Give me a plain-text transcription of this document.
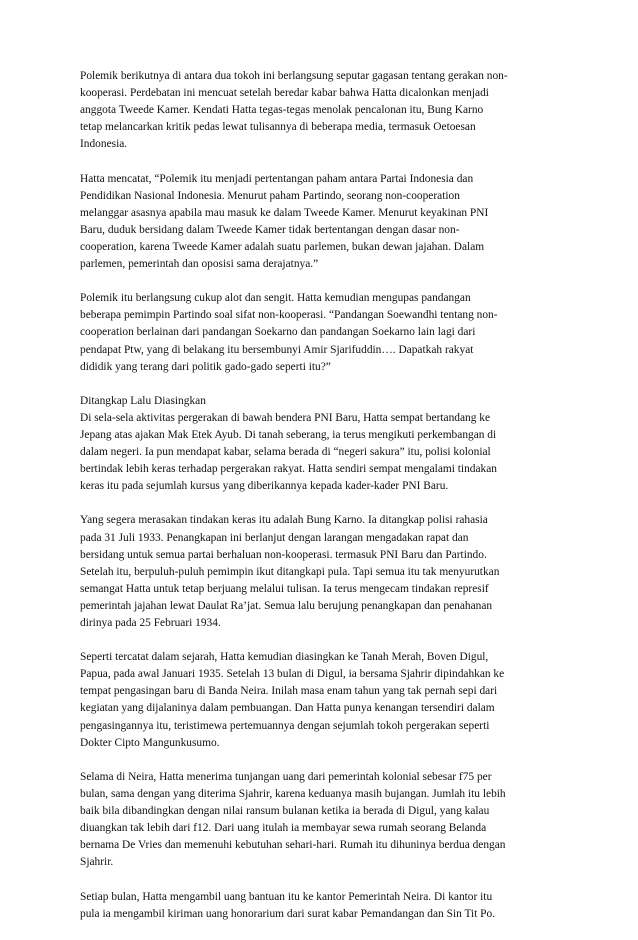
Polemik berikutnya di antara dua tokoh ini berlangsung seputar gagasan tentang gerakan non-
kooperasi. Perdebatan ini mencuat setelah beredar kabar bahwa Hatta dicalonkan menjadi
anggota Tweede Kamer. Kendati Hatta tegas-tegas menolak pencalonan itu, Bung Karno
tetap melancarkan kritik pedas lewat tulisannya di beberapa media, termasuk Oetoesan
Indonesia.
Hatta mencatat, “Polemik itu menjadi pertentangan paham antara Partai Indonesia dan
Pendidikan Nasional Indonesia. Menurut paham Partindo, seorang non-cooperation
melanggar asasnya apabila mau masuk ke dalam Tweede Kamer. Menurut keyakinan PNI
Baru, duduk bersidang dalam Tweede Kamer tidak bertentangan dengan dasar non-
cooperation, karena Tweede Kamer adalah suatu parlemen, bukan dewan jajahan. Dalam
parlemen, pemerintah dan oposisi sama derajatnya.”
Polemik itu berlangsung cukup alot dan sengit. Hatta kemudian mengupas pandangan
beberapa pemimpin Partindo soal sifat non-kooperasi. “Pandangan Soewandhi tentang non-
cooperation berlainan dari pandangan Soekarno dan pandangan Soekarno lain lagi dari
pendapat Ptw, yang di belakang itu bersembunyi Amir Sjarifuddin…. Dapatkah rakyat
dididik yang terang dari politik gado-gado seperti itu?”
Ditangkap Lalu Diasingkan
Di sela-sela aktivitas pergerakan di bawah bendera PNI Baru, Hatta sempat bertandang ke
Jepang atas ajakan Mak Etek Ayub. Di tanah seberang, ia terus mengikuti perkembangan di
dalam negeri. Ia pun mendapat kabar, selama berada di “negeri sakura” itu, polisi kolonial
bertindak lebih keras terhadap pergerakan rakyat. Hatta sendiri sempat mengalami tindakan
keras itu pada sejumlah kursus yang diberikannya kepada kader-kader PNI Baru.
Yang segera merasakan tindakan keras itu adalah Bung Karno. Ia ditangkap polisi rahasia
pada 31 Juli 1933. Penangkapan ini berlanjut dengan larangan mengadakan rapat dan
bersidang untuk semua partai berhaluan non-kooperasi. termasuk PNI Baru dan Partindo.
Setelah itu, berpuluh-puluh pemimpin ikut ditangkapi pula. Tapi semua itu tak menyurutkan
semangat Hatta untuk tetap berjuang melalui tulisan. Ia terus mengecam tindakan represif
pemerintah jajahan lewat Daulat Ra’jat. Semua lalu berujung penangkapan dan penahanan
dirinya pada 25 Februari 1934.
Seperti tercatat dalam sejarah, Hatta kemudian diasingkan ke Tanah Merah, Boven Digul,
Papua, pada awal Januari 1935. Setelah 13 bulan di Digul, ia bersama Sjahrir dipindahkan ke
tempat pengasingan baru di Banda Neira. Inilah masa enam tahun yang tak pernah sepi dari
kegiatan yang dijalaninya dalam pembuangan. Dan Hatta punya kenangan tersendiri dalam
pengasingannya itu, teristimewa pertemuannya dengan sejumlah tokoh pergerakan seperti
Dokter Cipto Mangunkusumo.
Selama di Neira, Hatta menerima tunjangan uang dari pemerintah kolonial sebesar f75 per
bulan, sama dengan yang diterima Sjahrir, karena keduanya masih bujangan. Jumlah itu lebih
baik bila dibandingkan dengan nilai ransum bulanan ketika ia berada di Digul, yang kalau
diuangkan tak lebih dari f12. Dari uang itulah ia membayar sewa rumah seorang Belanda
bernama De Vries dan memenuhi kebutuhan sehari-hari. Rumah itu dihuninya berdua dengan
Sjahrir.
Setiap bulan, Hatta mengambil uang bantuan itu ke kantor Pemerintah Neira. Di kantor itu
pula ia mengambil kiriman uang honorarium dari surat kabar Pemandangan dan Sin Tit Po.
